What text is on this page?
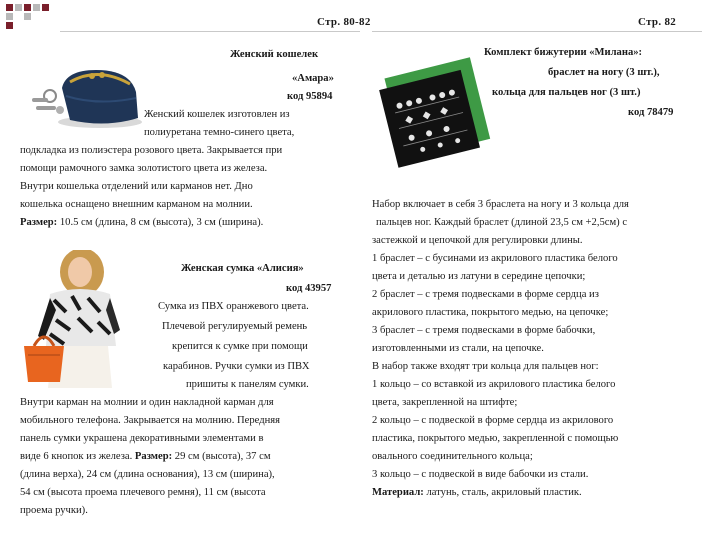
Стр. 80-82	Стр. 82
Женский кошелек
«Амара»
код 95894
Женский кошелек изготовлен из
полиуретана темно-синего цвета,
подкладка из полиэстера розового цвета. Закрывается при
помощи рамочного замка золотистого цвета из железа.
Внутри кошелька отделений или карманов нет. Дно
кошелька оснащено внешним карманом на молнии.
Размер: 10.5 см (длина, 8 см (высота), 3 см (ширина).
Женская сумка «Алисия»
код 43957
Сумка из ПВХ оранжевого цвета.
Плечевой регулируемый ремень
крепится к сумке при помощи
карабинов. Ручки сумки из ПВХ
пришиты к панелям сумки.
Внутри карман на молнии и один накладной карман для
мобильного телефона. Закрывается на молнию. Передняя
панель сумки украшена декоративными элементами в
виде 6 кнопок из железа. Размер: 29 см (высота), 37 см
(длина верха), 24 см (длина основания), 13 см (ширина),
54 см (высота проема плечевого ремня), 11 см (высота
проема ручки).
Комплект бижутерии «Милана»:
браслет на ногу (3 шт.),
кольца для пальцев ног (3 шт.)
код 78479
Набор включает в себя 3 браслета на ногу и 3 кольца для
пальцев ног. Каждый браслет (длиной 23,5 см +2,5см) с
застежкой и цепочкой для регулировки длины.
1 браслет – с бусинами из акрилового пластика белого
цвета и деталью из латуни в середине цепочки;
2 браслет – с тремя подвесками в форме сердца из
акрилового пластика, покрытого медью, на цепочке;
3 браслет – с тремя подвесками в форме бабочки,
изготовленными из стали, на цепочке.
В набор также входят три кольца для пальцев ног:
1 кольцо – со вставкой из акрилового пластика белого
цвета, закрепленной на штифте;
2 кольцо – с подвеской в форме сердца из акрилового
пластика, покрытого медью, закрепленной с помощью
овального соединительного кольца;
3 кольцо – с подвеской в виде бабочки из стали.
Материал: латунь, сталь, акриловый пластик.
